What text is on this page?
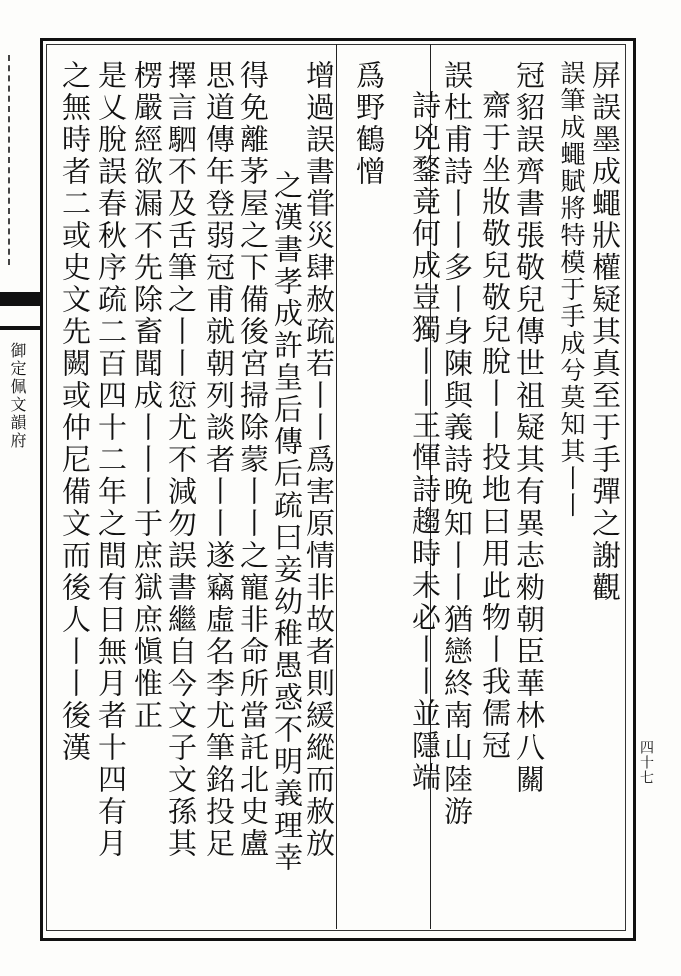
御定佩文韻府	屏誤墨成蠅狀權疑其真至于手彈之謝觀
誤筆成蠅賦將特模于手成兮莫知其丨丨
冠貂誤齊書張敬兒傳世祖疑其有異志勑朝臣華林八關
齋于坐妝敬兒敬兒脫丨丨投地曰用此物丨我儒冠
誤杜甫詩丨丨多丨身陳與義詩晚知丨丨猶戀終南山陸游
詩兇鍪竟何成豈獨丨丨王惲詩趨時未必丨丨並隱端
爲野鶴憎
增過誤書甞災肆赦疏若丨丨爲害原情非故者則緩縱而赦放
之漢書孝成許皇后傳后疏曰妾幼稚愚惑不明義理幸
得免離茅屋之下備後宮掃除蒙丨丨之寵非命所當託北史盧
思道傳年登弱冠甫就朝列談者丨丨遂竊虛名李尤筆銘投足
擇言駟不及舌筆之丨丨愆尤不減勿誤書繼自今文子文孫其
楞嚴經欲漏不先除畜聞成丨丨丨于庶獄庶愼惟正
是乂脫誤春秋序疏二百四十二年之間有日無月者十四有月
之無時者二或史文先闕或仲尼備文而後人丨丨後漢	四十七
